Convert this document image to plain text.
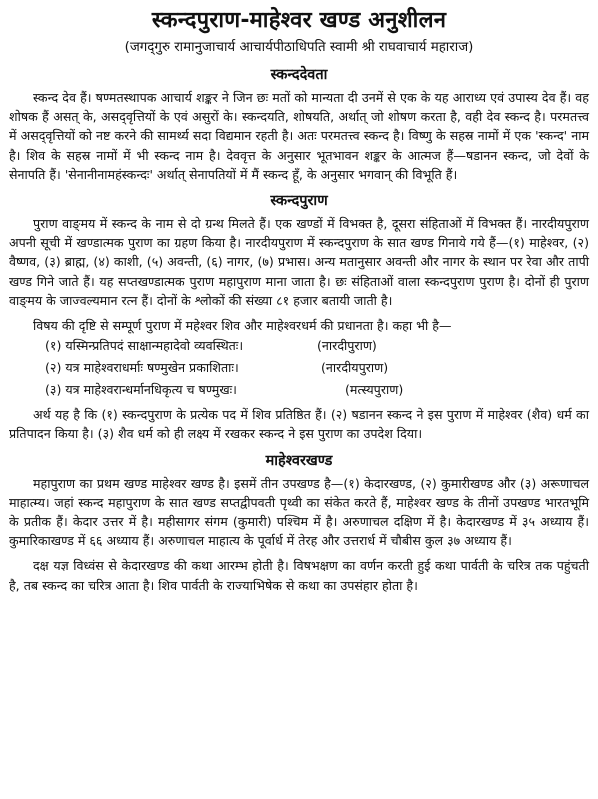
स्कन्दपुराण-माहेश्वर खण्ड अनुशीलन
(जगद्‌गुरु रामानुजाचार्य आचार्यपीठाधिपति स्वामी श्री राघवाचार्य महाराज)
स्कन्ददेवता

स्कन्द देव हैं। षण्मतस्थापक आचार्य शङ्कर ने जिन छः मतों को मान्यता दी उनमें से एक के यह आराध्य एवं उपास्य देव हैं। वह शोषक हैं असत्‌ के, असद्‌वृत्तियों के एवं असुरों के। स्कन्दयति, शोषयति, अर्थात्‌ जो शोषण करता है, वही देव स्कन्द है। परमतत्त्व में असद्‌वृत्तियों को नष्ट करने की सामर्थ्य सदा विद्यमान रहती है। अतः परमतत्त्व स्कन्द है। विष्णु के सहस्र नामों में एक 'स्कन्द' नाम है। शिव के सहस्र नामों में भी स्कन्द नाम है। देववृत्त के अनुसार भूतभावन शङ्कर के आत्मज हैं—षडानन स्कन्द, जो देवों के सेनापति हैं। 'सेनानीनामहंस्कन्दः' अर्थात्‌ सेनापतियों में मैं स्कन्द हूँ, के अनुसार भगवान्‌ की विभूति हैं।

स्कन्दपुराण

पुराण वाङ्‌मय में स्कन्द के नाम से दो ग्रन्थ मिलते हैं। एक खण्डों में विभक्त है, दूसरा संहिताओं में विभक्त हैं। नारदीयपुराण अपनी सूची में खण्डात्मक पुराण का ग्रहण किया है। नारदीयपुराण में स्कन्दपुराण के सात खण्ड गिनाये गये हैं—(१) माहेश्वर, (२) वैष्णव, (३) ब्राह्म, (४) काशी, (५) अवन्ती, (६) नागर, (७) प्रभास। अन्य मतानुसार अवन्ती और नागर के स्थान पर रेवा और तापी खण्ड गिने जाते हैं। यह सप्तखण्डात्मक पुराण महापुराण माना जाता है। छः संहिताओं वाला स्कन्दपुराण पुराण है। दोनों ही पुराण वाङ्‌मय के जाज्वल्यमान रत्न हैं। दोनों के श्लोकों की संख्या ८१ हजार बतायी जाती है।

विषय की दृष्टि से सम्पूर्ण पुराण में महेश्वर शिव और माहेश्वरधर्म की प्रधानता है। कहा भी है—

(१) यस्मिन्प्रतिपदं साक्षान्महादेवो व्यवस्थितः।	(नारदीपुराण)
(२) यत्र माहेश्वराधर्माः षण्मुखेन प्रकाशिताः।	(नारदीयपुराण)
(३) यत्र माहेश्वरान्धर्मानधिकृत्य च षण्मुखः।	(मत्स्यपुराण)

अर्थ यह है कि (१) स्कन्दपुराण के प्रत्येक पद में शिव प्रतिष्ठित हैं। (२) षडानन स्कन्द ने इस पुराण में माहेश्वर (शैव) धर्म का प्रतिपादन किया है। (३) शैव धर्म को ही लक्ष्य में रखकर स्कन्द ने इस पुराण का उपदेश दिया।

माहेश्वरखण्ड

महापुराण का प्रथम खण्ड माहेश्वर खण्ड है। इसमें तीन उपखण्ड है—(१) केदारखण्ड, (२) कुमारीखण्ड और (३) अरूणाचल माहात्म्य। जहां स्कन्द महापुराण के सात खण्ड सप्तद्वीपवती पृथ्वी का संकेत करते हैं, माहेश्वर खण्ड के तीनों उपखण्ड भारतभूमि के प्रतीक हैं। केदार उत्तर में है। महीसागर संगम (कुमारी) पश्चिम में है। अरुणाचल दक्षिण में है। केदारखण्ड में ३५ अध्याय हैं। कुमारिकाखण्ड में ६६ अध्याय हैं। अरुणाचल माहात्य के पूर्वार्ध में तेरह और उत्तरार्ध में चौबीस कुल ३७ अध्याय हैं।

दक्ष यज्ञ विध्वंस से केदारखण्ड की कथा आरम्भ होती है। विषभक्षण का वर्णन करती हुई कथा पार्वती के चरित्र तक पहुंचती है, तब स्कन्द का चरित्र आता है। शिव पार्वती के राज्याभिषेक से कथा का उपसंहार होता है।
